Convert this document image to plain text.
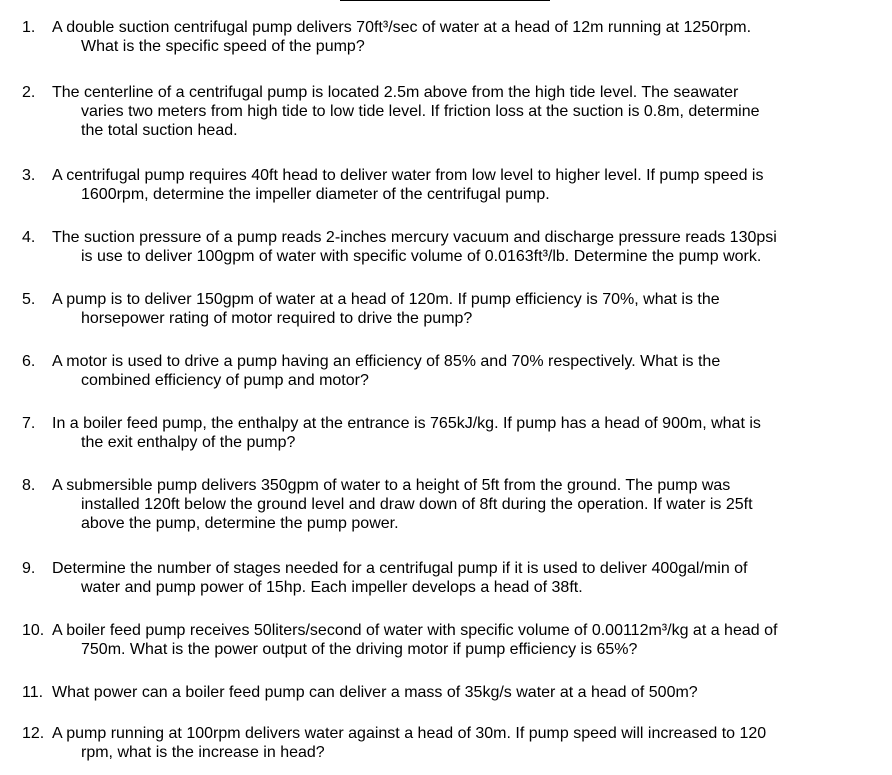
1.
What is the specific speed of the pump?
A double suction centrifugal pump delivers 70ft³/sec of water at a head of 12m running at 1250rpm.
2.
varies two meters from high tide to low tide level. If friction loss at the suction is 0.8m, determine
the total suction head.
The centerline of a centrifugal pump is located 2.5m above from the high tide level. The seawater
3.
1600rpm, determine the impeller diameter of the centrifugal pump.
A centrifugal pump requires 40ft head to deliver water from low level to higher level. If pump speed is
4.
is use to deliver 100gpm of water with specific volume of 0.0163ft³/lb. Determine the pump work.
The suction pressure of a pump reads 2-inches mercury vacuum and discharge pressure reads 130psi
5.
horsepower rating of motor required to drive the pump?
A pump is to deliver 150gpm of water at a head of 120m. If pump efficiency is 70%, what is the
6.
combined efficiency of pump and motor?
A motor is used to drive a pump having an efficiency of 85% and 70% respectively. What is the
7.
the exit enthalpy of the pump?
In a boiler feed pump, the enthalpy at the entrance is 765kJ/kg. If pump has a head of 900m, what is
8.
installed 120ft below the ground level and draw down of 8ft during the operation. If water is 25ft
above the pump, determine the pump power.
A submersible pump delivers 350gpm of water to a height of 5ft from the ground. The pump was
9.
water and pump power of 15hp. Each impeller develops a head of 38ft.
Determine the number of stages needed for a centrifugal pump if it is used to deliver 400gal/min of
10.
750m. What is the power output of the driving motor if pump efficiency is 65%?
A boiler feed pump receives 50liters/second of water with specific volume of 0.00112m³/kg at a head of
11. What power can a boiler feed pump can deliver a mass of 35kg/s water at a head of 500m?
12.
rpm, what is the increase in head?
A pump running at 100rpm delivers water against a head of 30m. If pump speed will increased to 120
